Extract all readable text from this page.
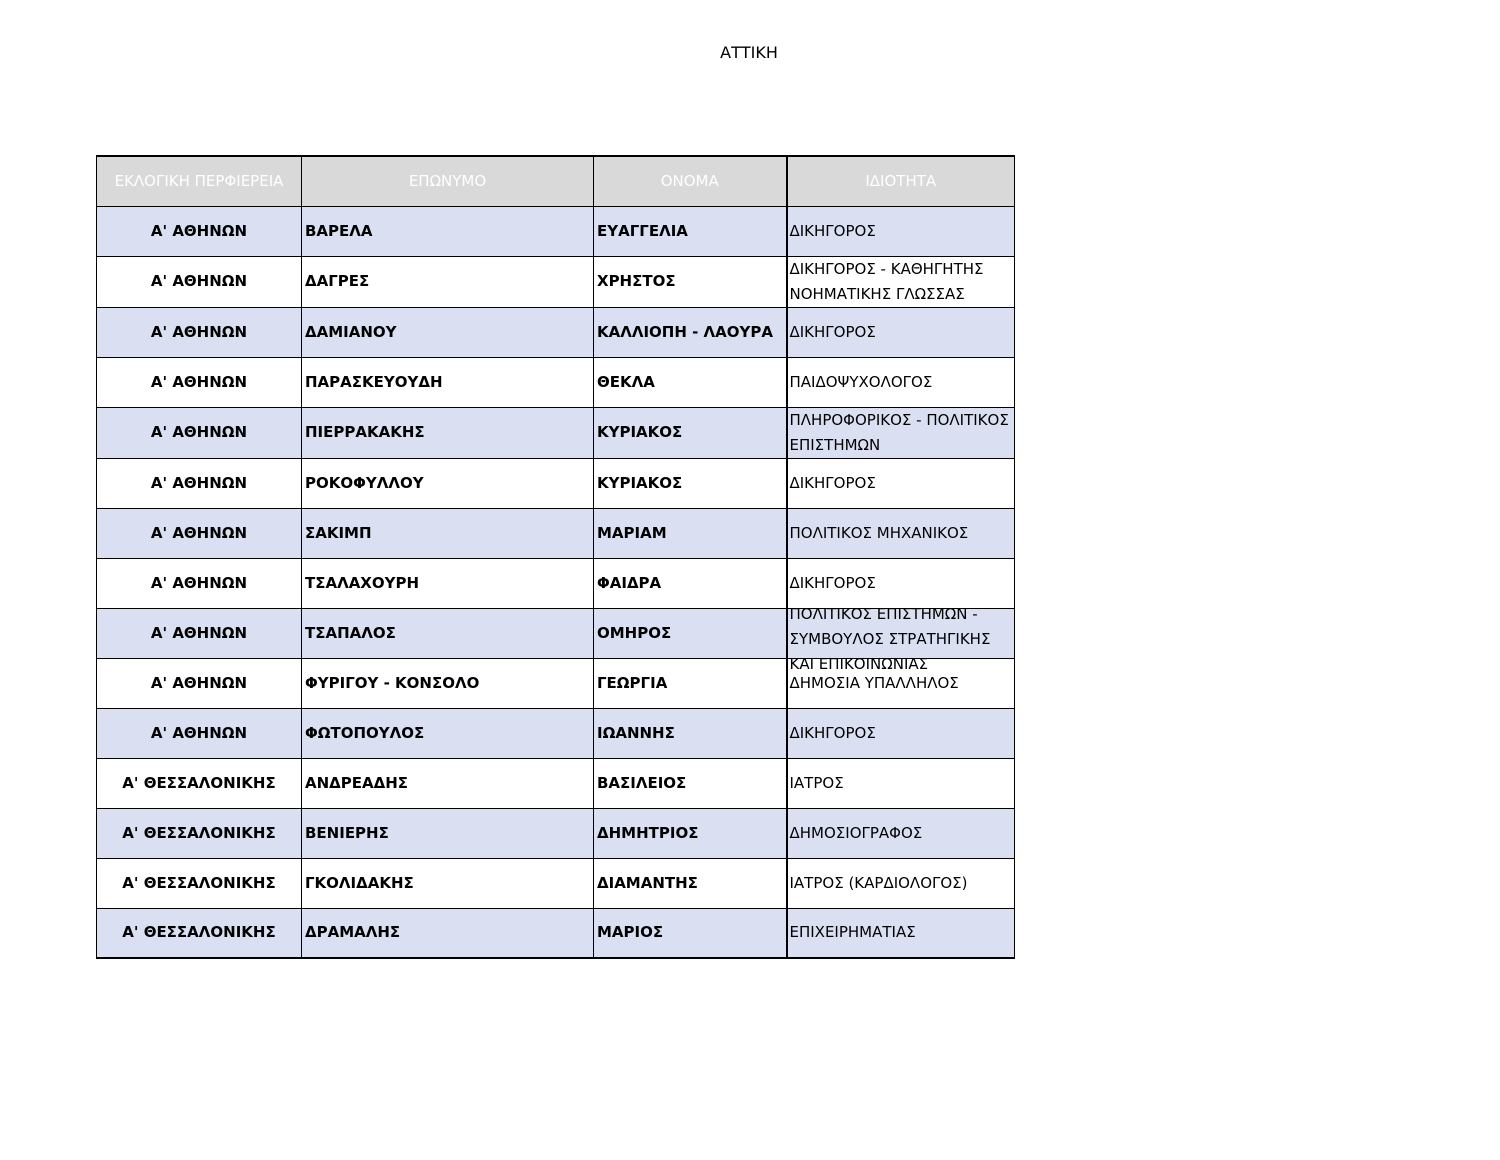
ΑΤΤΙΚΗ
ΕΚΛΟΓΙΚΗ ΠΕΡΦΙΕΡΕΙΑ	ΕΠΩΝΥΜΟ	ΟΝΟΜΑ	ΙΔΙΟΤΗΤΑ
Α' ΑΘΗΝΩΝ	ΒΑΡΕΛΑ	ΕΥΑΓΓΕΛΙΑ	ΔΙΚΗΓΟΡΟΣ
Α' ΑΘΗΝΩΝ	ΔΑΓΡΕΣ	ΧΡΗΣΤΟΣ	ΔΙΚΗΓΟΡΟΣ - ΚΑΘΗΓΗΤΗΣ ΝΟΗΜΑΤΙΚΗΣ ΓΛΩΣΣΑΣ
Α' ΑΘΗΝΩΝ	ΔΑΜΙΑΝΟΥ	ΚΑΛΛΙΟΠΗ - ΛΑΟΥΡΑ	ΔΙΚΗΓΟΡΟΣ
Α' ΑΘΗΝΩΝ	ΠΑΡΑΣΚΕΥΟΥΔΗ	ΘΕΚΛΑ	ΠΑΙΔΟΨΥΧΟΛΟΓΟΣ
Α' ΑΘΗΝΩΝ	ΠΙΕΡΡΑΚΑΚΗΣ	ΚΥΡΙΑΚΟΣ	ΠΛΗΡΟΦΟΡΙΚΟΣ - ΠΟΛΙΤΙΚΟΣ ΕΠΙΣΤΗΜΩΝ
Α' ΑΘΗΝΩΝ	ΡΟΚΟΦΥΛΛΟΥ	ΚΥΡΙΑΚΟΣ	ΔΙΚΗΓΟΡΟΣ
Α' ΑΘΗΝΩΝ	ΣΑΚΙΜΠ	ΜΑΡΙΑΜ	ΠΟΛΙΤΙΚΟΣ ΜΗΧΑΝΙΚΟΣ
Α' ΑΘΗΝΩΝ	ΤΣΑΛΑΧΟΥΡΗ	ΦΑΙΔΡΑ	ΔΙΚΗΓΟΡΟΣ
Α' ΑΘΗΝΩΝ	ΤΣΑΠΑΛΟΣ	ΟΜΗΡΟΣ	ΠΟΛΙΤΙΚΟΣ ΕΠΙΣΤΗΜΩΝ - ΣΥΜΒΟΥΛΟΣ ΣΤΡΑΤΗΓΙΚΗΣ ΚΑΙ ΕΠΙΚΟΙΝΩΝΙΑΣ

Α' ΑΘΗΝΩΝ	ΦΥΡΙΓΟΥ - ΚΟΝΣΟΛΟ	ΓΕΩΡΓΙΑ	ΔΗΜΟΣΙΑ ΥΠΑΛΛΗΛΟΣ
Α' ΑΘΗΝΩΝ	ΦΩΤΟΠΟΥΛΟΣ	ΙΩΑΝΝΗΣ	ΔΙΚΗΓΟΡΟΣ
Α' ΘΕΣΣΑΛΟΝΙΚΗΣ	ΑΝΔΡΕΑΔΗΣ	ΒΑΣΙΛΕΙΟΣ	ΙΑΤΡΟΣ
Α' ΘΕΣΣΑΛΟΝΙΚΗΣ	ΒΕΝΙΕΡΗΣ	ΔΗΜΗΤΡΙΟΣ	ΔΗΜΟΣΙΟΓΡΑΦΟΣ
Α' ΘΕΣΣΑΛΟΝΙΚΗΣ	ΓΚΟΛΙΔΑΚΗΣ	ΔΙΑΜΑΝΤΗΣ	ΙΑΤΡΟΣ (ΚΑΡΔΙΟΛΟΓΟΣ)
Α' ΘΕΣΣΑΛΟΝΙΚΗΣ	ΔΡΑΜΑΛΗΣ	ΜΑΡΙΟΣ	ΕΠΙΧΕΙΡΗΜΑΤΙΑΣ
